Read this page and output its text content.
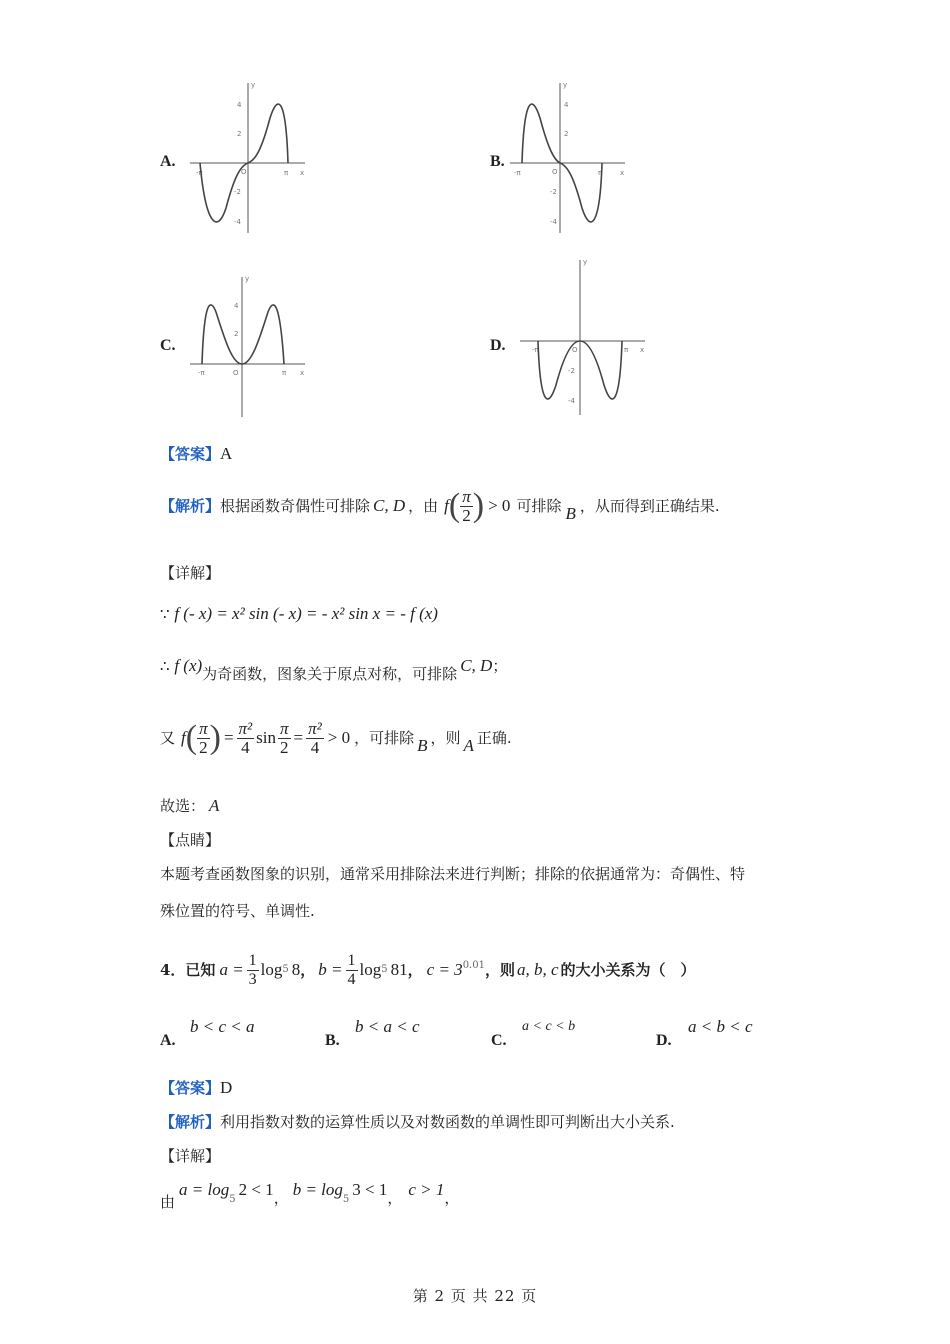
A.
y
x
O
-π	π
4
2
-2
-4
B.
y
x
O
-π	π
4
2
-2
-4
C.
y
x
O
-π	π
4
2
D.
y
x
O
-π	π
-2
-4
【答案】A
【解析】 根据函数奇偶性可排除 C, D ，由 f ( $\frac{\pi}{2}$ ) > 0 可排除 B ，从而得到正确结果.
【详解】
∵ f (- x) = x² sin (- x) = - x² sin x = - f (x)
∴ f (x)为奇函数，图象关于原点对称，可排除 C, D；
又 f ( $\frac{\pi}{2}$ ) = $\frac{\text{π²}}{4}$ $\sin \frac{\pi}{2} = \frac{\text{π²}}{4} > 0$ ，可排除 B ，则 A 正确.
故选： A
【点睛】
本题考查函数图象的识别，通常采用排除法来进行判断；排除的依据通常为：奇偶性、特
殊位置的符号、单调性.
4．已知 $a = \frac{1}{3}$ log 5 8 ， $b = \frac{1}{4}$ log 5 81 ， $c = 3^{0.01}$ ，则 a, b, c 的大小关系为（　）
A.
b < c < a
B.
b < a < c
C.
a < c < b
D.
a < b < c
【答案】D
【解析】利用指数对数的运算性质以及对数函数的单调性即可判断出大小关系.
【详解】
由
a = log
$_5$
2 < 1 ， b = log
$_5$
3 < 1 ， c > 1 ，
第 2 页 共 22 页
